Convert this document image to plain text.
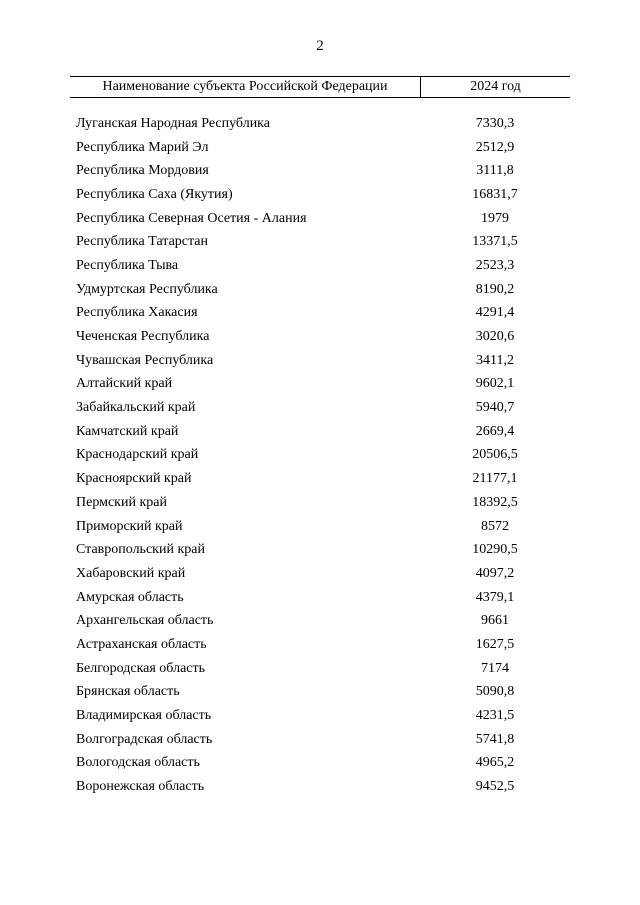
2
Наименование субъекта Российской Федерации	2024 год
Луганская Народная Республика	7330,3
Республика Марий Эл	2512,9
Республика Мордовия	3111,8
Республика Саха (Якутия)	16831,7
Республика Северная Осетия - Алания	1979
Республика Татарстан	13371,5
Республика Тыва	2523,3
Удмуртская Республика	8190,2
Республика Хакасия	4291,4
Чеченская Республика	3020,6
Чувашская Республика	3411,2
Алтайский край	9602,1
Забайкальский край	5940,7
Камчатский край	2669,4
Краснодарский край	20506,5
Красноярский край	21177,1
Пермский край	18392,5
Приморский край	8572
Ставропольский край	10290,5
Хабаровский край	4097,2
Амурская область	4379,1
Архангельская область	9661
Астраханская область	1627,5
Белгородская область	7174
Брянская область	5090,8
Владимирская область	4231,5
Волгоградская область	5741,8
Вологодская область	4965,2
Воронежская область	9452,5
